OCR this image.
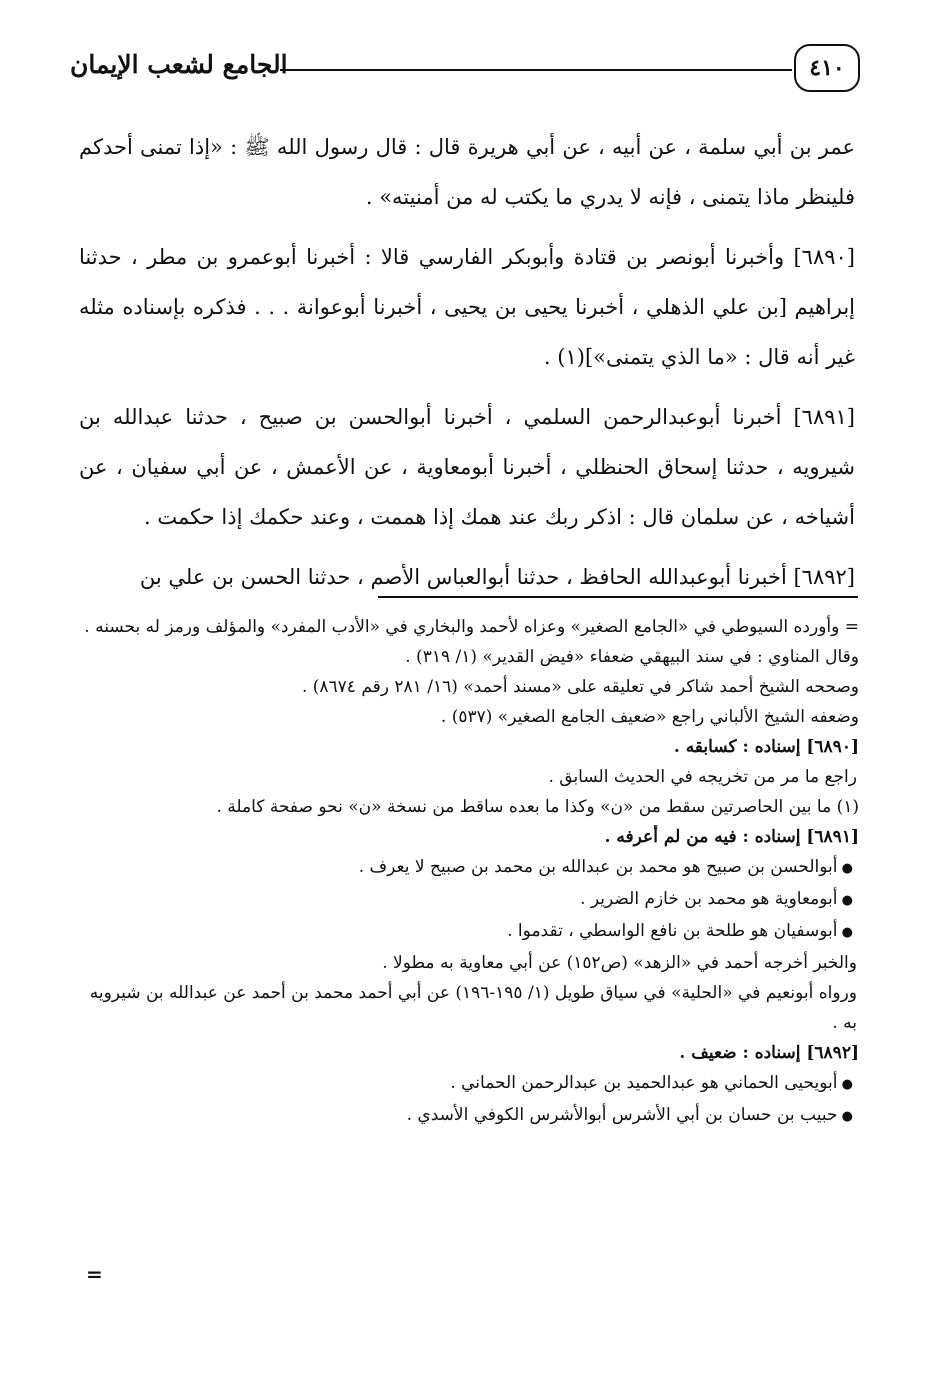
الجامع لشعب الإيمان	٤١٠

عمر بن أبي سلمة ، عن أبيه ، عن أبي هريرة قال : قال رسول الله ﷺ : «إذا تمنى أحدكم فلينظر ماذا يتمنى ، فإنه لا يدري ما يكتب له من أمنيته» .

[٦٨٩٠] وأخبرنا أبونصر بن قتادة وأبوبكر الفارسي قالا : أخبرنا أبوعمرو بن مطر ، حدثنا إبراهيم [بن علي الذهلي ، أخبرنا يحيى بن يحيى ، أخبرنا أبوعوانة . . . فذكره بإسناده مثله غير أنه قال : «ما الذي يتمنى»](١) .

[٦٨٩١] أخبرنا أبوعبدالرحمن السلمي ، أخبرنا أبوالحسن بن صبيح ، حدثنا عبدالله بن شيرويه ، حدثنا إسحاق الحنظلي ، أخبرنا أبومعاوية ، عن الأعمش ، عن أبي سفيان ، عن أشياخه ، عن سلمان قال : اذكر ربك عند همك إذا هممت ، وعند حكمك إذا حكمت .

[٦٨٩٢] أخبرنا أبوعبدالله الحافظ ، حدثنا أبوالعباس الأصم ، حدثنا الحسن بن علي بن

= وأورده السيوطي في «الجامع الصغير» وعزاه لأحمد والبخاري في «الأدب المفرد» والمؤلف ورمز له بحسنه .

وقال المناوي : في سند البيهقي ضعفاء «فيض القدير» (١/ ٣١٩) .

وصححه الشيخ أحمد شاكر في تعليقه على «مسند أحمد» (١٦/ ٢٨١ رقم ٨٦٧٤) .

وضعفه الشيخ الألباني راجع «ضعيف الجامع الصغير» (٥٣٧) .

[٦٨٩٠] إسناده : كسابقه .

راجع ما مر من تخريجه في الحديث السابق .

(١) ما بين الحاصرتين سقط من «ن» وكذا ما بعده ساقط من نسخة «ن» نحو صفحة كاملة .

[٦٨٩١] إسناده : فيه من لم أعرفه .

● أبوالحسن بن صبيح هو محمد بن عبدالله بن محمد بن صبيح لا يعرف .

● أبومعاوية هو محمد بن خازم الضرير .

● أبوسفيان هو طلحة بن نافع الواسطي ، تقدموا .

والخبر أخرجه أحمد في «الزهد» (ص١٥٢) عن أبي معاوية به مطولا .

ورواه أبونعيم في «الحلية» في سياق طويل (١/ ١٩٥-١٩٦) عن أبي أحمد محمد بن أحمد عن عبدالله بن شيرويه به .

[٦٨٩٢] إسناده : ضعيف .

● أبويحيى الحماني هو عبدالحميد بن عبدالرحمن الحماني .

● حبيب بن حسان بن أبي الأشرس أبوالأشرس الكوفي الأسدي .

=
